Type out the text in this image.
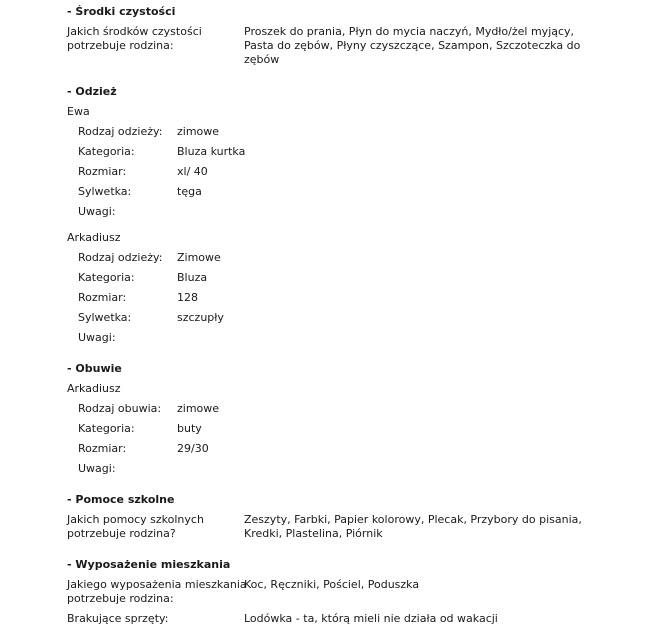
- Środki czystości
Jakich środków czystości
potrzebuje rodzina:
Proszek do prania, Płyn do mycia naczyń, Mydło/żel myjący,
Pasta do zębów, Płyny czyszczące, Szampon, Szczoteczka do
zębów
- Odzież
Ewa
Rodzaj odzieży: zimowe
Kategoria:	Bluza kurtka
Rozmiar:	xl/ 40
Sylwetka:	tęga
Uwagi:
Arkadiusz
Rodzaj odzieży: Zimowe
Kategoria:	Bluza
Rozmiar:	128
Sylwetka:	szczupły
Uwagi:
- Obuwie
Arkadiusz
Rodzaj obuwia: zimowe
Kategoria:	buty
Rozmiar:	29/30
Uwagi:
- Pomoce szkolne
Jakich pomocy szkolnych
potrzebuje rodzina?
Zeszyty, Farbki, Papier kolorowy, Plecak, Przybory do pisania,
Kredki, Plastelina, Piórnik
- Wyposażenie mieszkania
Jakiego wyposażenia mieszkania
potrzebuje rodzina:
Koc, Ręczniki, Pościel, Poduszka
Brakujące sprzęty:	Lodówka - ta, którą mieli nie działa od wakacji
